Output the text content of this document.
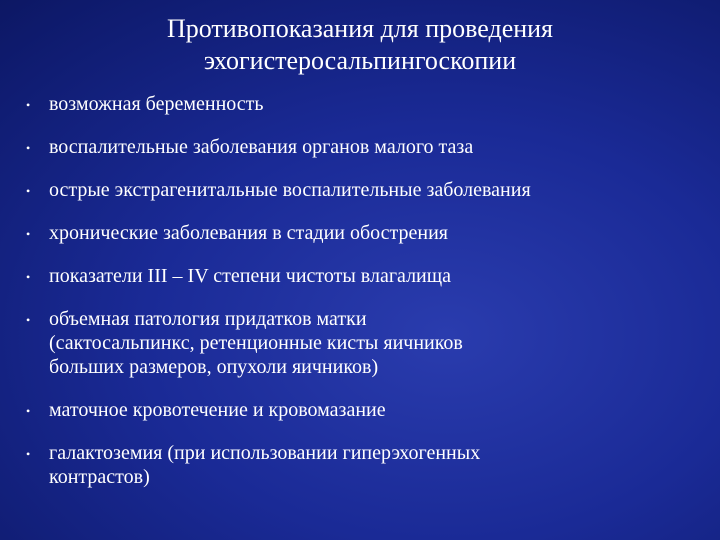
Противопоказания для проведения
эхогистеросальпингоскопии
• возможная беременность
• воспалительные заболевания органов малого таза
• острые экстрагенитальные воспалительные заболевания
• хронические заболевания в стадии обострения
• показатели III – IV степени чистоты влагалища
• объемная патология придатков матки
(сактосальпинкс, ретенционные кисты яичников
больших размеров, опухоли яичников)
• маточное кровотечение и кровомазание
• галактоземия (при использовании гиперэхогенных
контрастов)
